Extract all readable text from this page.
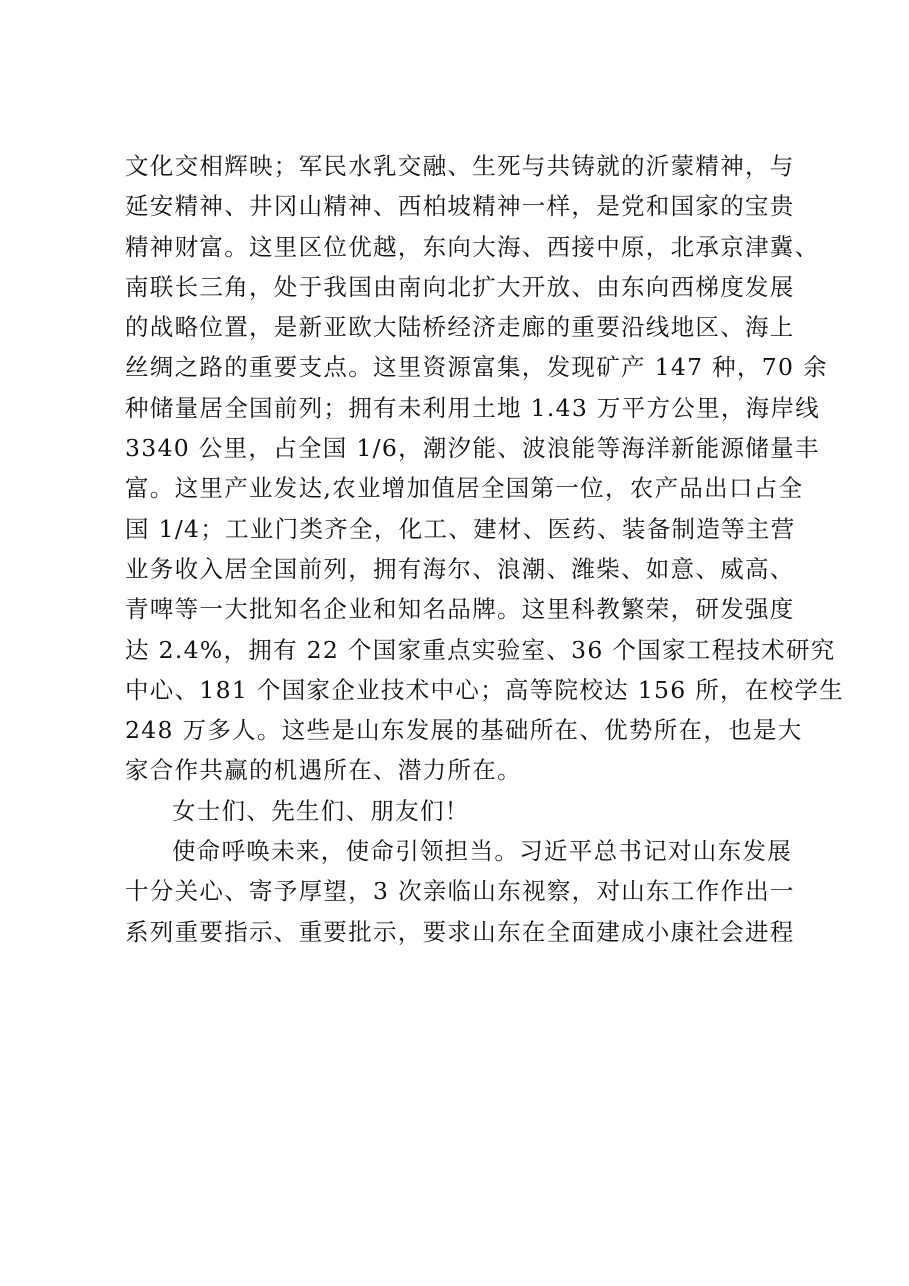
文化交相辉映；军民水乳交融、生死与共铸就的沂蒙精神，与
延安精神、井冈山精神、西柏坡精神一样，是党和国家的宝贵
精神财富。这里区位优越，东向大海、西接中原，北承京津冀、
南联长三角，处于我国由南向北扩大开放、由东向西梯度发展
的战略位置，是新亚欧大陆桥经济走廊的重要沿线地区、海上
丝绸之路的重要支点。这里资源富集，发现矿产 147 种，70 余
种储量居全国前列；拥有未利用土地 1.43 万平方公里，海岸线
3340 公里，占全国 1/6，潮汐能、波浪能等海洋新能源储量丰
富。这里产业发达,农业增加值居全国第一位，农产品出口占全
国 1/4；工业门类齐全，化工、建材、医药、装备制造等主营
业务收入居全国前列，拥有海尔、浪潮、潍柴、如意、威高、
青啤等一大批知名企业和知名品牌。这里科教繁荣，研发强度
达 2.4%，拥有 22 个国家重点实验室、36 个国家工程技术研究
中心、181 个国家企业技术中心；高等院校达 156 所，在校学生
248 万多人。这些是山东发展的基础所在、优势所在，也是大
家合作共赢的机遇所在、潜力所在。
女士们、先生们、朋友们！
使命呼唤未来，使命引领担当。习近平总书记对山东发展
十分关心、寄予厚望，3 次亲临山东视察，对山东工作作出一
系列重要指示、重要批示，要求山东在全面建成小康社会进程
